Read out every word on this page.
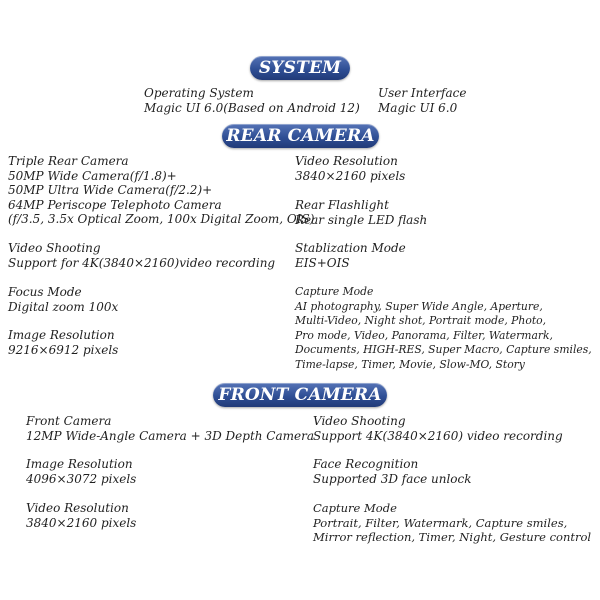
SYSTEM
Operating System
Magic UI 6.0(Based on Android 12)
User Interface
Magic UI 6.0
REAR CAMERA
Triple Rear Camera
50MP Wide Camera(f/1.8)+
50MP Ultra Wide Camera(f/2.2)+
64MP Periscope Telephoto Camera
(f/3.5, 3.5x Optical Zoom, 100x Digital Zoom, OIS)
Video Shooting
Support for 4K(3840×2160)video recording
Focus Mode
Digital zoom 100x
Image Resolution
9216×6912 pixels
Video Resolution
3840×2160 pixels
Rear Flashlight
Rear single LED flash
Stablization Mode
EIS+OIS
Capture Mode
AI photography, Super Wide Angle, Aperture,
Multi-Video, Night shot, Portrait mode, Photo,
Pro mode, Video, Panorama, Filter, Watermark,
Documents, HIGH-RES, Super Macro, Capture smiles,
Time-lapse, Timer, Movie, Slow-MO, Story
FRONT CAMERA
Front Camera
12MP Wide-Angle Camera + 3D Depth Camera
Image Resolution
4096×3072 pixels
Video Resolution
3840×2160 pixels
Video Shooting
Support 4K(3840×2160) video recording
Face Recognition
Supported 3D face unlock
Capture Mode
Portrait, Filter, Watermark, Capture smiles,
Mirror reflection, Timer, Night, Gesture control
